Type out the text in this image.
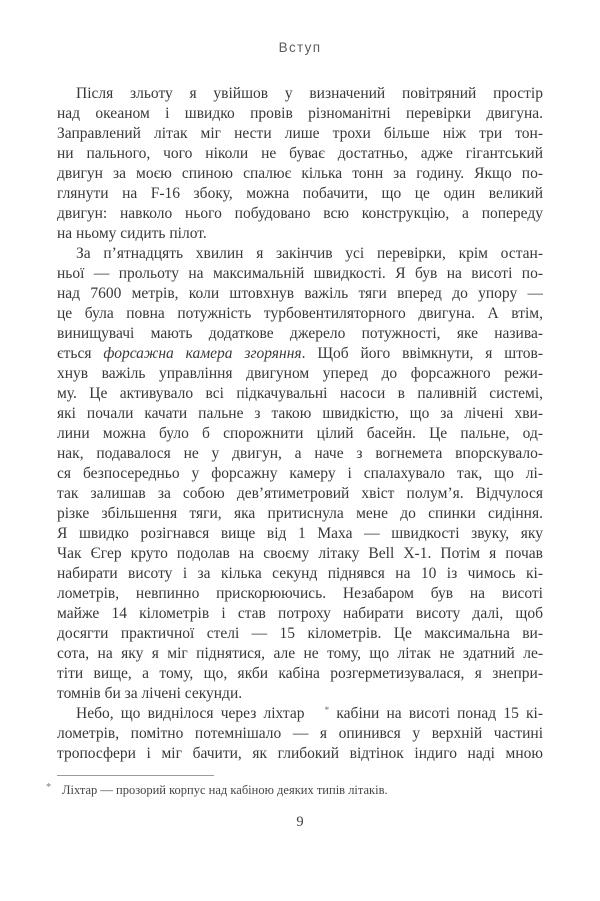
Вступ
Після зльоту я увійшов у визначений повітряний простір
над океаном і швидко провів різноманітні перевірки двигуна.
Заправлений літак міг нести лише трохи більше ніж три тон-
ни пального, чого ніколи не буває достатньо, адже гігантський
двигун за моєю спиною спалює кілька тонн за годину. Якщо по-
глянути на F-16 збоку, можна побачити, що це один великий
двигун: навколо нього побудовано всю конструкцію, а попереду
на ньому сидить пілот.
За п’ятнадцять хвилин я закінчив усі перевірки, крім остан-
ньої — прольоту на максимальній швидкості. Я був на висоті по-
над 7600 метрів, коли штовхнув важіль тяги вперед до упору —
це була повна потужність турбовентиляторного двигуна. А втім,
винищувачі мають додаткове джерело потужності, яке назива-
ється форсажна камера згоряння. Щоб його ввімкнути, я штов-
хнув важіль управління двигуном уперед до форсажного режи-
му. Це активувало всі підкачувальні насоси в паливній системі,
які почали качати пальне з такою швидкістю, що за лічені хви-
лини можна було б спорожнити цілий басейн. Це пальне, од-
нак, подавалося не у двигун, а наче з вогнемета впорскувало-
ся безпосередньо у форсажну камеру і спалахувало так, що лі-
так залишав за собою дев’ятиметровий хвіст полум’я. Відчулося
різке збільшення тяги, яка притиснула мене до спинки сидіння.
Я швидко розігнався вище від 1 Маха — швидкості звуку, яку
Чак Єгер круто подолав на своєму літаку Bell X-1. Потім я почав
набирати висоту і за кілька секунд піднявся на 10 із чимось кі-
лометрів, невпинно прискорюючись. Незабаром був на висоті
майже 14 кілометрів і став потроху набирати висоту далі, щоб
досягти практичної стелі — 15 кілометрів. Це максимальна ви-
сота, на яку я міг піднятися, але не тому, що літак не здатний ле-
тіти вище, а тому, що, якби кабіна розгерметизувалася, я знепри-
томнів би за лічені секунди.
Небо, що виднілося через ліхтар * кабіни на висоті понад 15 кі-
лометрів, помітно потемнішало — я опинився у верхній частині
тропосфери і міг бачити, як глибокий відтінок індиго наді мною
* Ліхтар — прозорий корпус над кабіною деяких типів літаків.
9
